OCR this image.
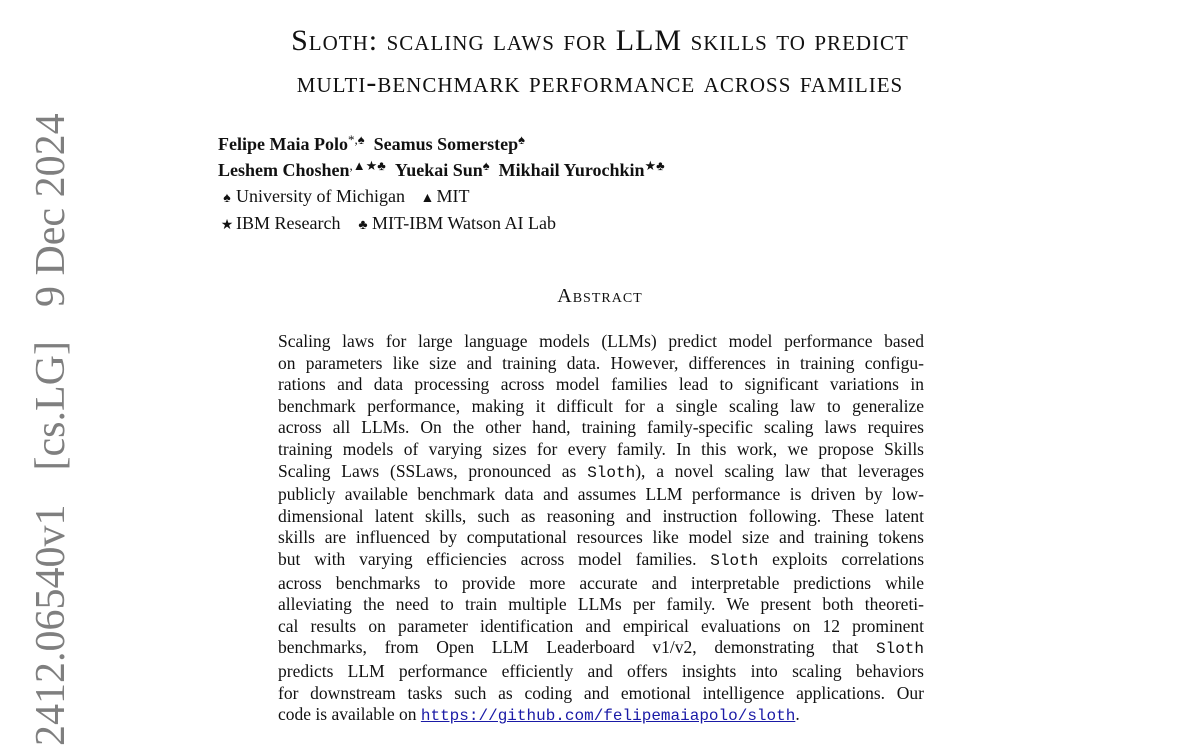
2412.06540v1[cs.LG]9 Dec 2024
Sloth: scaling laws for LLM skills to predict
multi-benchmark performance across families
Felipe Maia Polo*,♠ Seamus Somerstep♠
Leshem Choshen,▲★♣ Yuekai Sun♠ Mikhail Yurochkin★♣
♠ University of Michigan ▲ MIT
★ IBM Research ♣ MIT-IBM Watson AI Lab
Abstract
Scaling laws for large language models (LLMs) predict model performance based
on parameters like size and training data. However, differences in training configu-
rations and data processing across model families lead to significant variations in
benchmark performance, making it difficult for a single scaling law to generalize
across all LLMs. On the other hand, training family-specific scaling laws requires
training models of varying sizes for every family. In this work, we propose Skills
Scaling Laws (SSLaws, pronounced as Sloth), a novel scaling law that leverages
publicly available benchmark data and assumes LLM performance is driven by low-
dimensional latent skills, such as reasoning and instruction following. These latent
skills are influenced by computational resources like model size and training tokens
but with varying efficiencies across model families. Sloth exploits correlations
across benchmarks to provide more accurate and interpretable predictions while
alleviating the need to train multiple LLMs per family. We present both theoreti-
cal results on parameter identification and empirical evaluations on 12 prominent
benchmarks, from Open LLM Leaderboard v1/v2, demonstrating that Sloth
predicts LLM performance efficiently and offers insights into scaling behaviors
for downstream tasks such as coding and emotional intelligence applications. Our
code is available on https://github.com/felipemaiapolo/sloth.
